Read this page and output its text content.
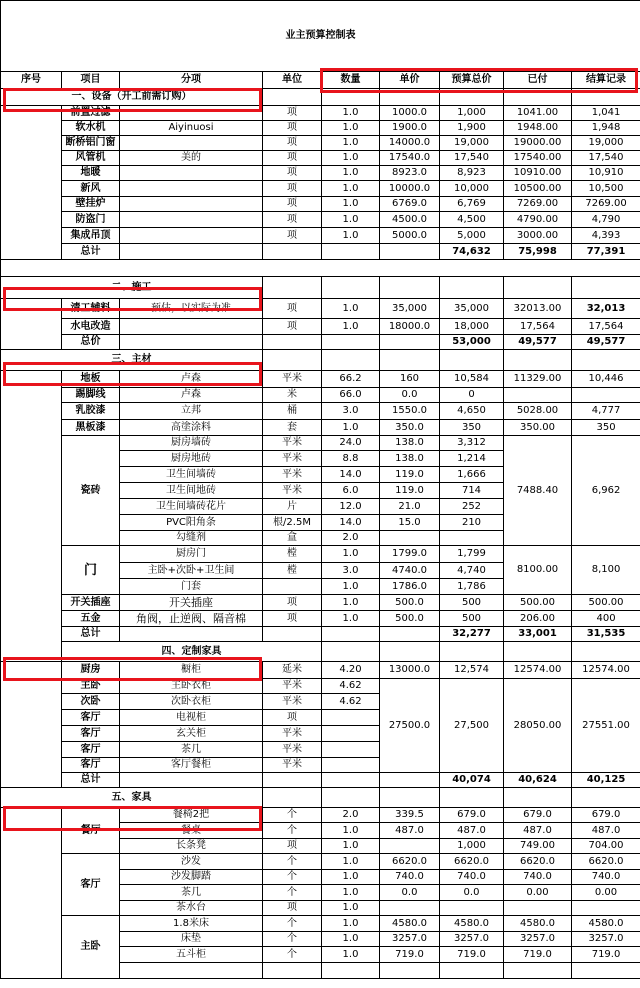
业主预算控制表									
序号	项目	分项	单位	数量	单价	预算总价	已付	结算记录	
一、设备（开工前需订购）									
	前置过滤		项	1.0	1000.0	1,000	1041.00	1,041	
	软水机	Aiyinuosi	项	1.0	1900.0	1,900	1948.00	1,948	
	断桥铝门窗		项	1.0	14000.0	19,000	19000.00	19,000	
	风管机	美的	项	1.0	17540.0	17,540	17540.00	17,540	
	地暖		项	1.0	8923.0	8,923	10910.00	10,910	
	新风		项	1.0	10000.0	10,000	10500.00	10,500	
	壁挂炉		项	1.0	6769.0	6,769	7269.00	7269.00	
	防盗门		项	1.0	4500.0	4,500	4790.00	4,790	
	集成吊顶		项	1.0	5000.0	5,000	3000.00	4,393	
	总计					74,632	75,998	77,391	

二、施工									
	清工辅料	预估，以实际为准	项	1.0	35,000	35,000	32013.00	32,013	
	水电改造		项	1.0	18000.0	18,000	17,564	17,564	
	总价					53,000	49,577	49,577	
三、主材									
	地板	卢森	平米	66.2	160	10,584	11329.00	10,446	
	踢脚线	卢森	米	66.0	0.0	0			
	乳胶漆	立邦	桶	3.0	1550.0	4,650	5028.00	4,777	
	黑板漆	高塗涂料	套	1.0	350.0	350	350.00	350	
	瓷砖	厨房墙砖	平米	24.0	138.0	3,312	7488.40	6,962	
		厨房地砖	平米	8.8	138.0	1,214			
		卫生间墙砖	平米	14.0	119.0	1,666			
		卫生间地砖	平米	6.0	119.0	714			
		卫生间墙砖花片	片	12.0	21.0	252			
		PVC阳角条	根/2.5M	14.0	15.0	210			
		勾缝剂	盒	2.0					
	门	厨房门	樘	1.0	1799.0	1,799	8100.00	8,100	
		主卧+次卧+卫生间	樘	3.0	4740.0	4,740			
		门套		1.0	1786.0	1,786			
	开关插座	开关插座	项	1.0	500.0	500	500.00	500.00	
	五金	角阀，止逆阀、隔音棉	项	1.0	500.0	500	206.00	400	
	总计					32,277	33,001	31,535	
	四、定制家具								
	厨房	橱柜	延米	4.20	13000.0	12,574	12574.00	12574.00	
	主卧	主卧衣柜	平米	4.62	27500.0	27,500	28050.00	27551.00	
	次卧	次卧衣柜	平米	4.62					
	客厅	电视柜	项						
	客厅	玄关柜	平米						
	客厅	茶几	平米						
	客厅	客厅餐柜	平米						
	总计					40,074	40,624	40,125	
五、家具									
	餐厅	餐椅2把	个	2.0	339.5	679.0	679.0	679.0	
		餐桌	个	1.0	487.0	487.0	487.0	487.0	
		长条凳	项	1.0		1,000	749.00	704.00	
	客厅	沙发	个	1.0	6620.0	6620.0	6620.0	6620.0	
		沙发脚踏	个	1.0	740.0	740.0	740.0	740.0	
		茶几	个	1.0	0.0	0.0	0.00	0.00	
		茶水台	项	1.0					
	主卧	1.8米床	个	1.0	4580.0	4580.0	4580.0	4580.0	
		床垫	个	1.0	3257.0	3257.0	3257.0	3257.0	
		五斗柜	个	1.0	719.0	719.0	719.0	719.0	
